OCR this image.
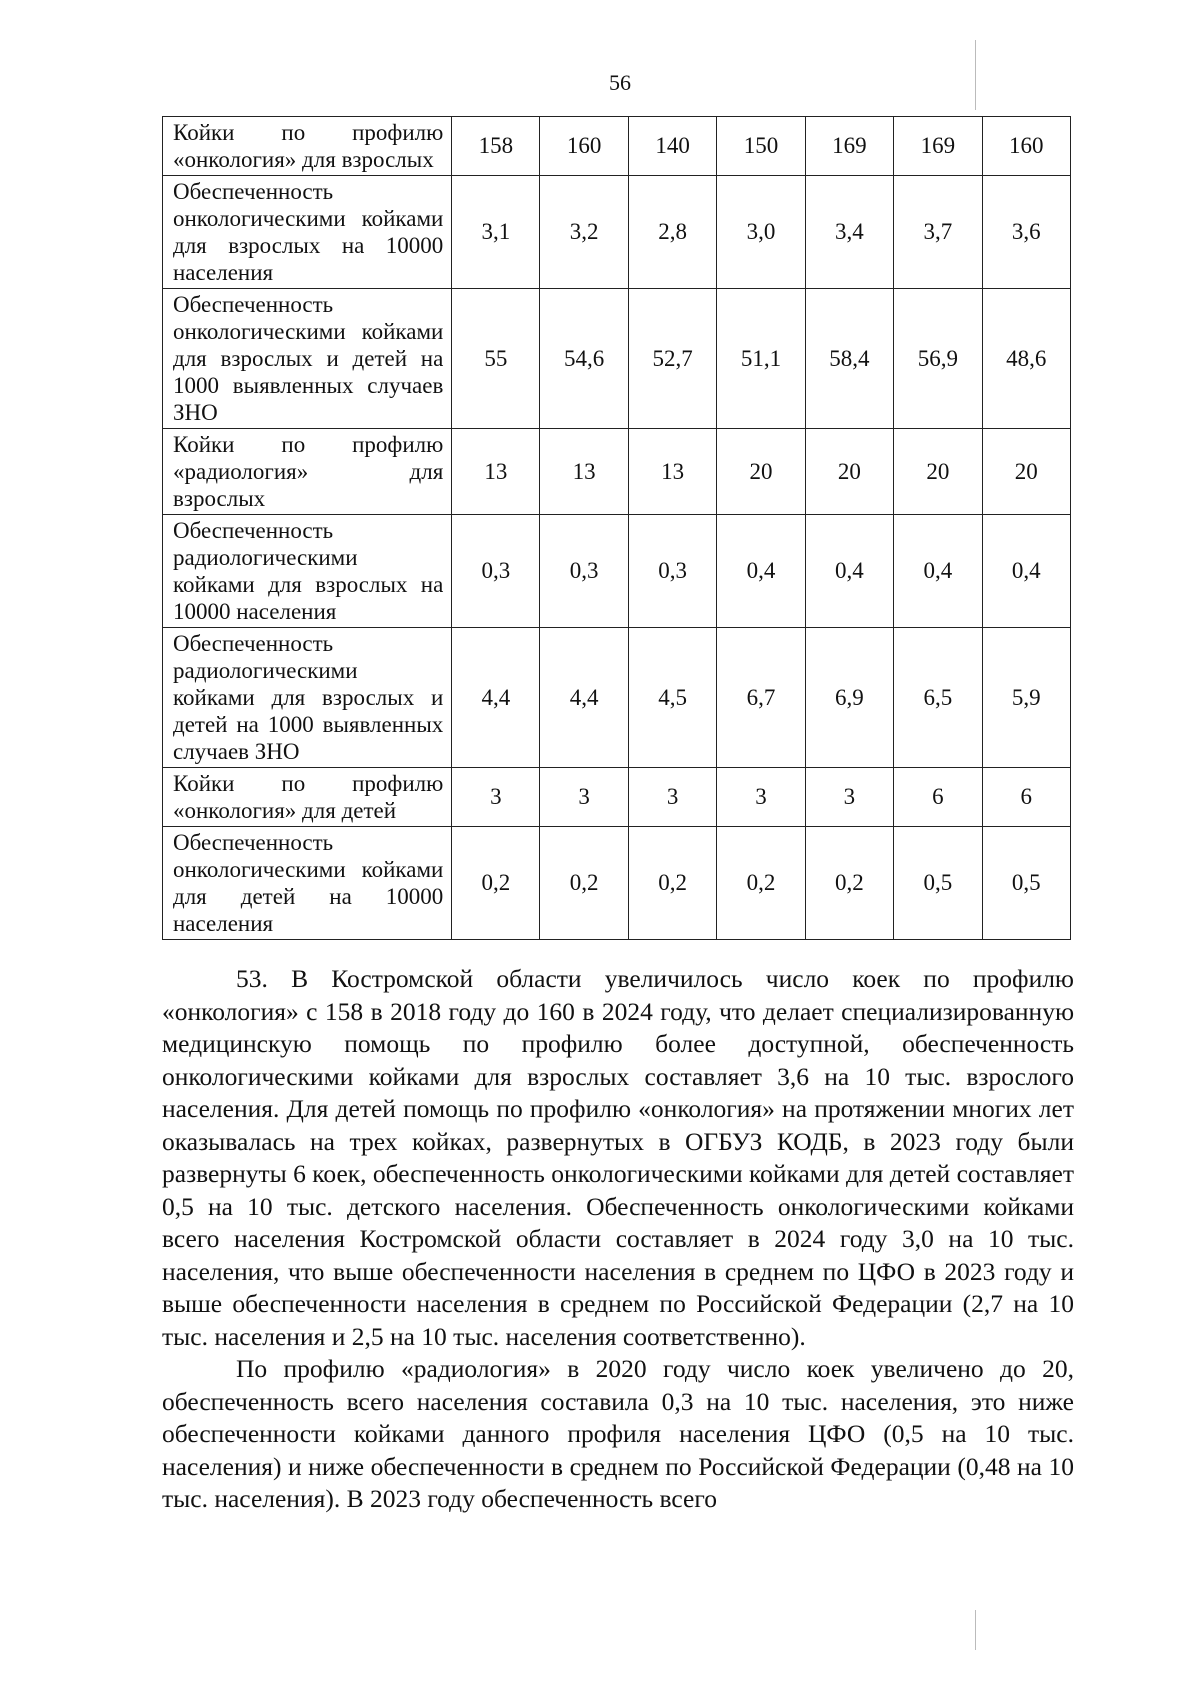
56
Койки по профилю
«онкология» для взрослых	158	160	140	150	169	169	160

Обеспеченность
онкологическими койками
для взрослых на 10000
населения	3,1	3,2	2,8	3,0	3,4	3,7	3,6

Обеспеченность
онкологическими койками
для взрослых и детей на
1000 выявленных случаев
ЗНО	55	54,6	52,7	51,1	58,4	56,9	48,6

Койки по профилю
«радиология» для
взрослых	13	13	13	20	20	20	20

Обеспеченность
радиологическими
койками для взрослых на
10000 населения	0,3	0,3	0,3	0,4	0,4	0,4	0,4

Обеспеченность
радиологическими
койками для взрослых и
детей на 1000 выявленных
случаев ЗНО	4,4	4,4	4,5	6,7	6,9	6,5	5,9

Койки по профилю
«онкология» для детей	3	3	3	3	3	6	6

Обеспеченность
онкологическими койками
для детей на 10000
населения	0,2	0,2	0,2	0,2	0,2	0,5	0,5

53. В Костромской области увеличилось число коек по профилю «онкология» с 158 в 2018 году до 160 в 2024 году, что делает специализированную медицинскую помощь по профилю более доступной, обеспеченность онкологическими койками для взрослых составляет 3,6 на 10 тыс. взрослого населения. Для детей помощь по профилю «онкология» на протяжении многих лет оказывалась на трех койках, развернутых в ОГБУЗ КОДБ, в 2023 году были развернуты 6 коек, обеспеченность онкологическими койками для детей составляет 0,5 на 10 тыс. детского населения. Обеспеченность онкологическими койками всего населения Костромской области составляет в 2024 году 3,0 на 10 тыс. населения, что выше обеспеченности населения в среднем по ЦФО в 2023 году и выше обеспеченности населения в среднем по Российской Федерации (2,7 на 10 тыс. населения и 2,5 на 10 тыс. населения соответственно).

По профилю «радиология» в 2020 году число коек увеличено до 20, обеспеченность всего населения составила 0,3 на 10 тыс. населения, это ниже обеспеченности койками данного профиля населения ЦФО (0,5 на 10 тыс. населения) и ниже обеспеченности в среднем по Российской Федерации (0,48 на 10 тыс. населения). В 2023 году обеспеченность всего
